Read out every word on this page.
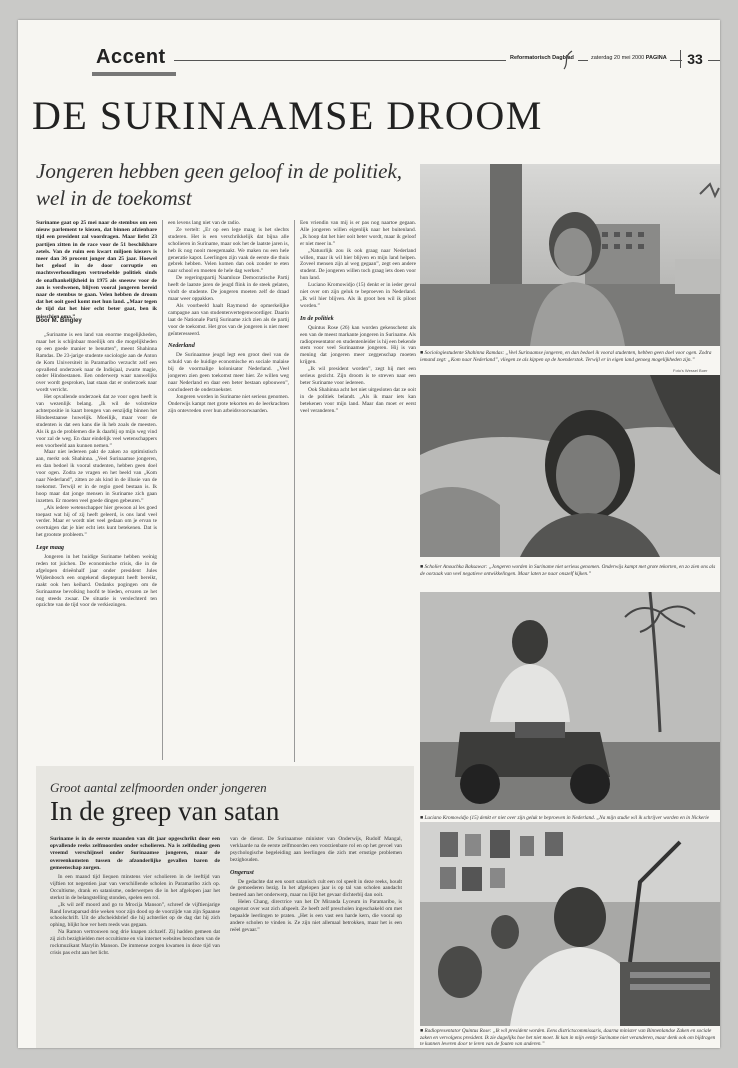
Accent	Reformatorisch Dagblad	zaterdag 20 mei 2000 PAGINA	33
DE SURINAAMSE DROOM
Jongeren hebben geen geloof in de politiek, wel in de toekomst
Suriname gaat op 25 mei naar de stembus om een nieuw parlement te kiezen, dat binnen afzienbare tijd een president zal voordragen. Maar liefst 23 partijen zitten in de race voor de 51 beschikbare zetels. Van de ruim een kwart miljoen kiezers is meer dan 36 procent jonger dan 25 jaar. Hoewel het geloof in de door corruptie en machtsverhoudingen vertroebelde politiek sinds de onafhankelijkheid in 1975 als sneeuw voor de zon is verdwenen, blijven vooral jongeren bereid naar de stembus te gaan. Velen hebben de droom dat het ooit goed komt met hun land. „Maar tegen de tijd dat het hier echt beter gaat, ben ik misschien oma.”
Door M. Bingley

„Suriname is een land van enorme mogelijkheden, maar het is schijnbaar moeilijk om die mogelijkheden op een goede manier te benutten”, meent Shahinna Ramdas. De 23-jarige studente sociologie aan de Anton de Kom Universiteit in Paramaribo verzucht zelf een opvallend onderzoek naar de Indisjaal, zwarte magie, onder Hindoestanen. Een onderwerp waar nauwelijks over wordt gesproken, laat staan dat er onderzoek naar wordt verricht.

Het opvallende onderzoek dat ze voor ogen heeft is van wezenlijk belang. „Ik wil de volstrekte achterpositie in kaart brengen van eenzijdig binnen het Hindoestaanse huwelijk. Moeilijk, maar voor de studenten is dat een kans die ik heb zoals de meesten. Als ik ga de problemen die ik daarbij op mijn weg vind voor zal de weg. En daar eindelijk veel wetenschappers een voorbeeld aan kunnen nemen.”

Maar niet iedereen pakt de zaken zo optimistisch aan, merkt ook Shahinna. „Veel Surinaamse jongeren, en dan bedoel ik vooral studenten, hebben geen doel voor ogen. Zodra ze vragen en het beeld van „Kom naar Nederland”, zitten ze als kind in de illusie van de toekomst. Terwijl er in de regio goed bestaan is. Ik hoop maar dat jonge mensen in Suriname zich gaan inzetten. Er moeten veel goede dingen gebeuren.”

„Als iedere wetenschapper hier gewoon al les goed toepast wat hij of zij heeft geleerd, is ons land veel verder. Maar er wordt niet veel gedaan om je ervan te overtuigen dat je hier echt iets kunt betekenen. Dat is het grootste probleem.”

Lege maag

Jongeren in het huidige Suriname hebben weinig reden tot juichen. De economische crisis, die in de afgelopen drieënhalf jaar onder president Jules Wijdenbosch een ongekend dieptepunt heeft bereikt, raakt ook hen keihard. Ondanks pogingen om de Surinaamse bevolking hoofd te bieden, ervaren ze het nog steeds zwaar. De situatie is verslechterd ten opzichte van de tijd voor de verkiezingen.

een levens lang niet van de radio.

Ze vertelt: „Er op een lege maag is het slechts studeren. Het is een verschrikkelijk dat bijna alle scholieren in Suriname, maar ook het de laatste jaren is, heb ik nog nooit meegemaakt. We maken nu een hele generatie kapot. Leerlingen zijn vaak de eerste die thuis gebrek hebben. Velen komen dan ook zonder te eten naar school en moeten de hele dag werken.”

De regeringspartij Naamloze Democratische Partij heeft de laatste jaren de jeugd flink in de steek gelaten, vindt de studente. De jongeren moeten zelf de draad maar weer oppakken.

Als voorbeeld haalt Raymond de opmerkelijke campagne aan van studentenvertegenwoordiger. Daarin laat de Nationale Partij Suriname zich zien als de partij voor de toekomst. Het gros van de jongeren is niet meer geïnteresseerd.

Nederland

De Surinaamse jeugd legt een groot deel van de schuld van de huidige economische en sociale malaise bij de voormalige kolonisator Nederland. „Veel jongeren zien geen toekomst meer hier. Ze willen weg naar Nederland en daar een beter bestaan opbouwen”, concludeert de onderzoekster.

Jongeren worden in Suriname niet serieus genomen. Onderwijs kampt met grote tekorten en de leerkrachten zijn ontevreden over hun arbeidsvoorwaarden.

Een vriendin van mij is er pas nog naartoe gegaan. Alle jongeren willen eigenlijk naar het buitenland. „Ik hoop dat het hier ooit beter wordt, maar ik geloof er niet meer in.”

„Natuurlijk zou ik ook graag naar Nederland willen, maar ik wil hier blijven en mijn land helpen. Zoveel mensen zijn al weg gegaan”, zegt een andere student. De jongeren willen toch graag iets doen voor hun land.

Luciano Kromowidjo (15) denkt er in ieder geval niet over om zijn geluk te beproeven in Nederland. „Ik wil hier blijven. Als ik groot ben wil ik piloot worden.”

In de politiek

Quintus Rose (26) kan worden gekenschetst als een van de meest markante jongeren in Suriname. Als radiopresentator en studentenleider is hij een bekende stem voor veel Surinaamse jongeren. Hij is van mening dat jongeren meer zeggenschap moeten krijgen.

„Ik wil president worden”, zegt hij met een serieus gezicht. Zijn droom is te streven naar een beter Suriname voor iedereen.

Ook Shahinna acht het niet uitgesloten dat ze ooit in de politiek belandt. „Als ik maar iets kan betekenen voor mijn land. Maar dan moet er eerst veel veranderen.”

■ Sociologiestudente Shahinna Ramdas: „Veel Surinaamse jongeren, en dan bedoel ik vooral studenten, hebben geen doel voor ogen. Zodra iemand zegt: „Kom naar Nederland”, vliegen ze als kippen op de hoenderstok. Terwijl er in eigen land genoeg mogelijkheden zijn.”
Foto's Wessel Boer
■ Scholier Anouchka Baksawar: „Jongeren worden in Suriname niet serieus genomen. Onderwijs kampt met grote tekorten, en zo zien ons als de oorzaak van veel negatieve ontwikkelingen. Maar laten ze naar onszelf kijken.”
■ Luciano Kromowidjo (15) denkt er niet over zijn geluk te beproeven in Nederland. „Na mijn studie wil ik schrijver worden en in Nickerie
■ Radiopresentator Quintus Rose: „Ik wil president worden. Eens districtscommissaris, daarna minister van Binnenlandse Zaken en sociale zaken en vervolgens president. Ik zie dagelijks hoe het niet moet. Ik kan in mijn eentje Suriname niet veranderen, maar denk ook om bijdragen te kunnen leveren door te leren van de fouten van anderen.”
Groot aantal zelfmoorden onder jongeren
In de greep van satan
Suriname is in de eerste maanden van dit jaar opgeschrikt door een opvallende reeks zelfmoorden onder scholieren. Na is zelfdoding geen vreemd verschijnsel onder Surinaamse jongeren, maar de overeenkomsten tussen de afzonderlijke gevallen baren de gemeenschap zorgen.

In een maand tijd liequen minstens vier scholieren in de leeftijd van vijftien tot negentien jaar van verschillende scholen in Paramaribo zich op. Occultisme, drank en satanisme, onderwerpen die in het afgelopen jaar het sterkst in de belangstelling stonden, spelen een rol.

„Ik wil zelf moord and go to Mrocija Manson”, schreef de vijftienjarige Rand Iowtaparsad drie weken voor zijn dood op de voorzijde van zijn Spaanse schoolschrift. Uit de afscheidsbrief die hij achterliet op de dag dat hij zich ophing, blijkt hoe ver hem reeds was gegaan.

Na Ramon vertrouwen nog drie knapen zichzelf. Zij hadden gemeen dat zij zich bezighielden met occultisme en via internet websites bezochten van de rockmuzikant Marylin Manson. De immense zorgen kwamen in deze tijd van crisis pas echt aan het licht.

van de dienst. De Surinaamse minister van Onderwijs, Rudolf Mangal, verklaarde na de eerste zelfmoorden een voorzienbare rol en op het gevoel van psychologische begeleiding aan leerlingen die zich met ernstige problemen bezighouden.

Ongerust

De gedachte dat een soort satanisch cult een rol speelt in deze reeks, houdt de gemoederen bezig. In het afgelopen jaar is op tal van scholen aandacht besteed aan het onderwerp, maar nu lijkt het gevaar dichterbij dan ooit.

Helen Chang, directrice van het Dr Miranda Lyceum in Paramaribo, is ongerust over wat zich afspeelt. Ze heeft zelf prescholen ingeschakeld om met bepaalde leerlingen te praten. „Het is een vast een harde kern, die vooral op andere scholen te vinden is. Ze zijn niet allemaal betrokken, maar het is een reëel gevaar.”
